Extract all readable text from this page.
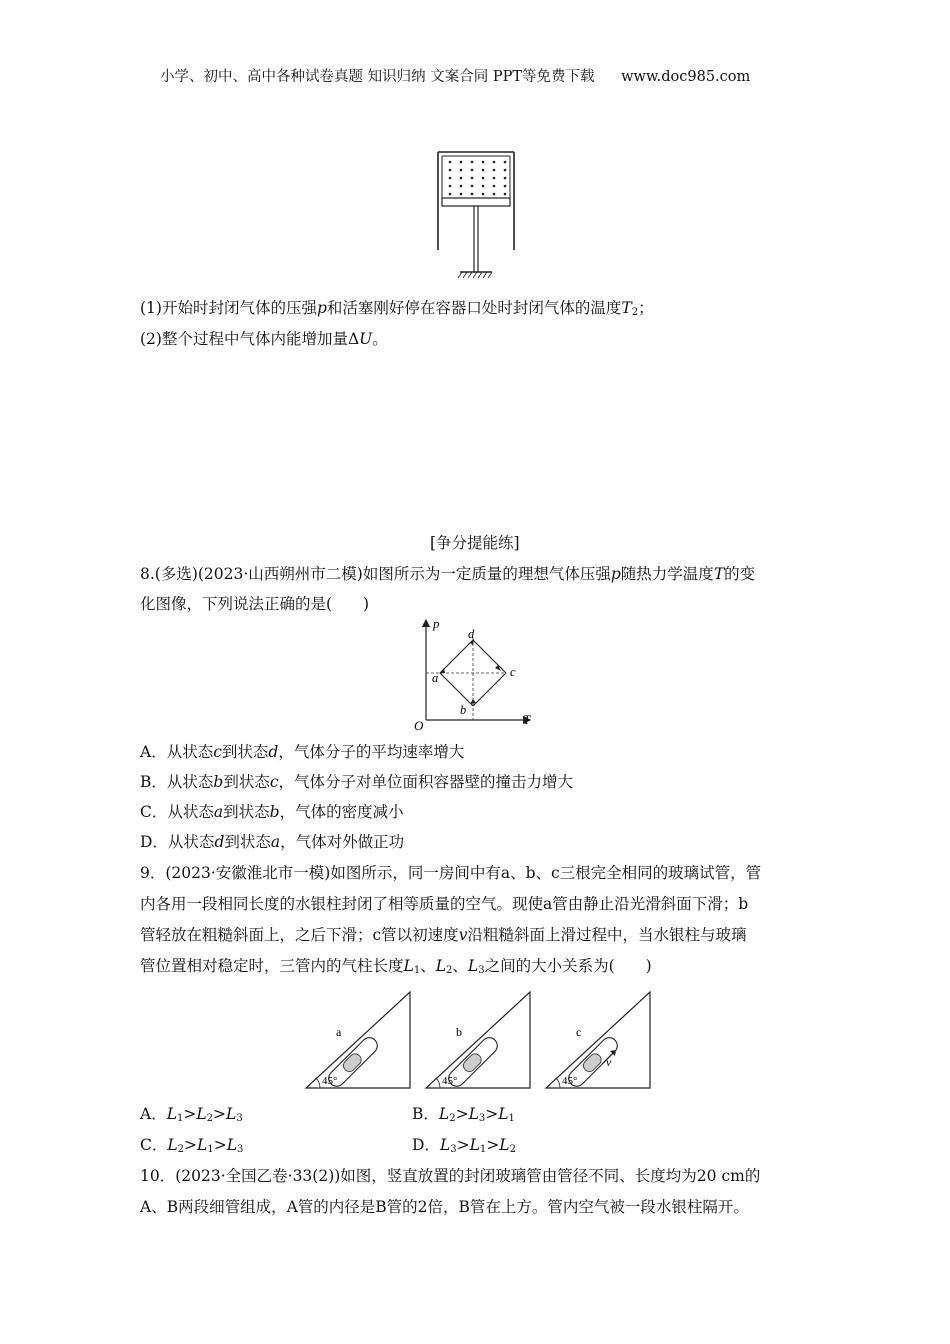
小学、初中、高中各种试卷真题 知识归纳 文案合同 PPT等免费下载 www.doc985.com
(1)开始时封闭气体的压强p和活塞刚好停在容器口处时封闭气体的温度$T_2$；
(2)整个过程中气体内能增加量ΔU。
[争分提能练]
8.(多选)(2023·山西朔州市二模)如图所示为一定质量的理想气体压强p随热力学温度T的变
化图像，下列说法正确的是(　　)
p
T
O
d
c
b
a
A．从状态c到状态d，气体分子的平均速率增大
B．从状态b到状态c，气体分子对单位面积容器壁的撞击力增大
C．从状态a到状态b，气体的密度减小
D．从状态d到状态a，气体对外做正功
9．(2023·安徽淮北市一模)如图所示，同一房间中有a、b、c三根完全相同的玻璃试管，管
内各用一段相同长度的水银柱封闭了相等质量的空气。现使a管由静止沿光滑斜面下滑；b
管轻放在粗糙斜面上，之后下滑；c管以初速度v沿粗糙斜面上滑过程中，当水银柱与玻璃
管位置相对稳定时，三管内的气柱长度$L_1$、$L_2$、$L_3$之间的大小关系为(　　)
45°
a
45°
b
45°
c
v
A．$L_1>L_2>L_3$	B．$L_2>L_3>L_1$
C．$L_2>L_1>L_3$	D．$L_3>L_1>L_2$
10．(2023·全国乙卷·33(2))如图，竖直放置的封闭玻璃管由管径不同、长度均为20 cm的
A、B两段细管组成，A管的内径是B管的2倍，B管在上方。管内空气被一段水银柱隔开。
